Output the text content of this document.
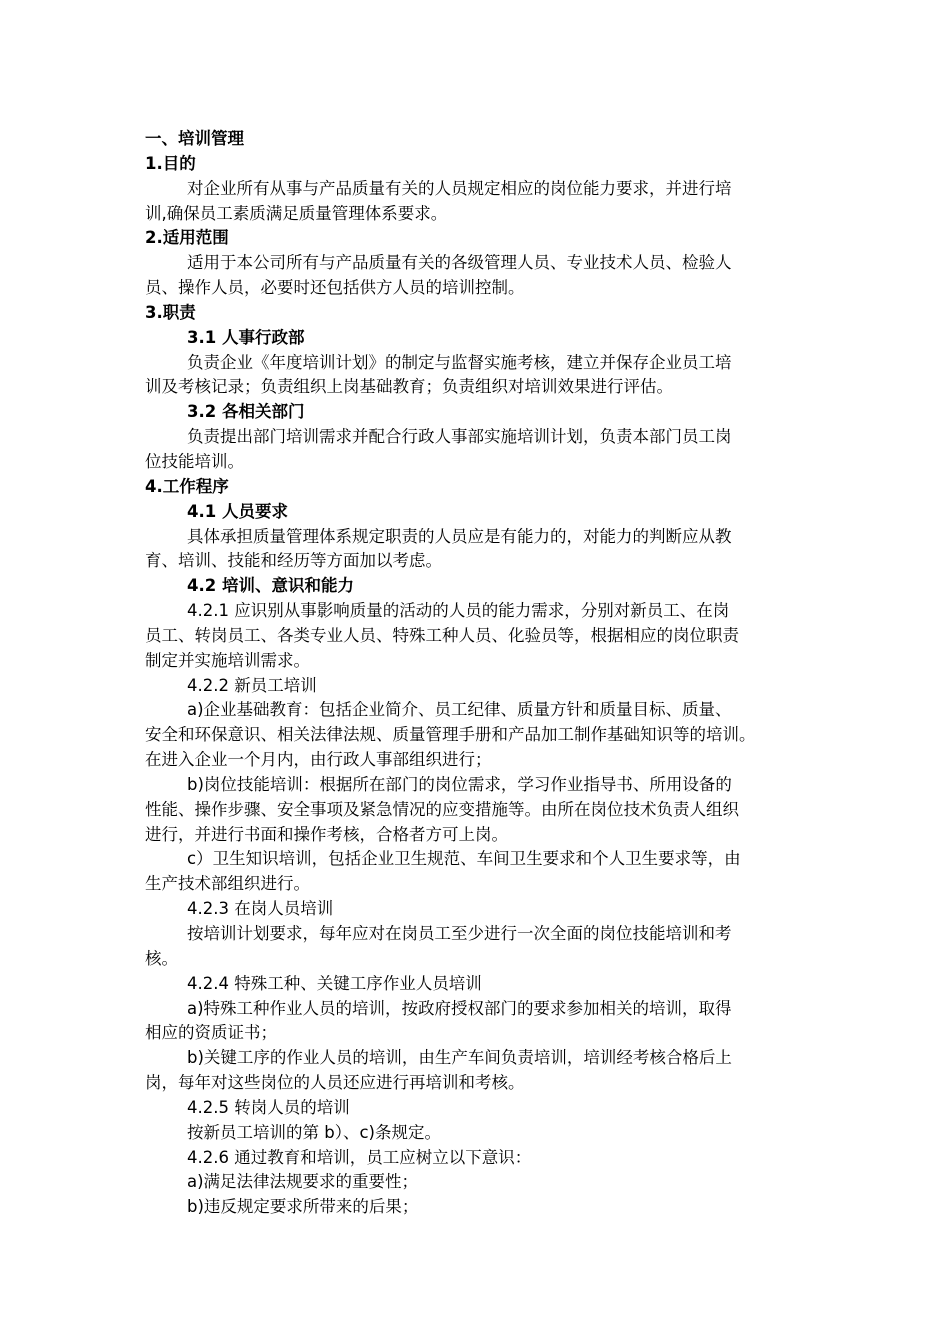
一、培训管理
1.目的
对企业所有从事与产品质量有关的人员规定相应的岗位能力要求，并进行培
训,确保员工素质满足质量管理体系要求。
2.适用范围
适用于本公司所有与产品质量有关的各级管理人员、专业技术人员、检验人
员、操作人员，必要时还包括供方人员的培训控制。
3.职责
3.1 人事行政部
负责企业《年度培训计划》的制定与监督实施考核，建立并保存企业员工培
训及考核记录；负责组织上岗基础教育；负责组织对培训效果进行评估。
3.2 各相关部门
负责提出部门培训需求并配合行政人事部实施培训计划，负责本部门员工岗
位技能培训。
4.工作程序
4.1 人员要求
具体承担质量管理体系规定职责的人员应是有能力的，对能力的判断应从教
育、培训、技能和经历等方面加以考虑。
4.2 培训、意识和能力
4.2.1 应识别从事影响质量的活动的人员的能力需求，分别对新员工、在岗
员工、转岗员工、各类专业人员、特殊工种人员、化验员等，根据相应的岗位职责
制定并实施培训需求。
4.2.2 新员工培训
a)企业基础教育：包括企业简介、员工纪律、质量方针和质量目标、质量、
安全和环保意识、相关法律法规、质量管理手册和产品加工制作基础知识等的培训。
在进入企业一个月内，由行政人事部组织进行；
b)岗位技能培训：根据所在部门的岗位需求，学习作业指导书、所用设备的
性能、操作步骤、安全事项及紧急情况的应变措施等。由所在岗位技术负责人组织
进行，并进行书面和操作考核，合格者方可上岗。
c）卫生知识培训，包括企业卫生规范、车间卫生要求和个人卫生要求等，由
生产技术部组织进行。
4.2.3 在岗人员培训
按培训计划要求，每年应对在岗员工至少进行一次全面的岗位技能培训和考
核。
4.2.4 特殊工种、关键工序作业人员培训
a)特殊工种作业人员的培训，按政府授权部门的要求参加相关的培训，取得
相应的资质证书；
b)关键工序的作业人员的培训，由生产车间负责培训，培训经考核合格后上
岗，每年对这些岗位的人员还应进行再培训和考核。
4.2.5 转岗人员的培训
按新员工培训的第 b）、c)条规定。
4.2.6 通过教育和培训，员工应树立以下意识：
a)满足法律法规要求的重要性；
b)违反规定要求所带来的后果；
